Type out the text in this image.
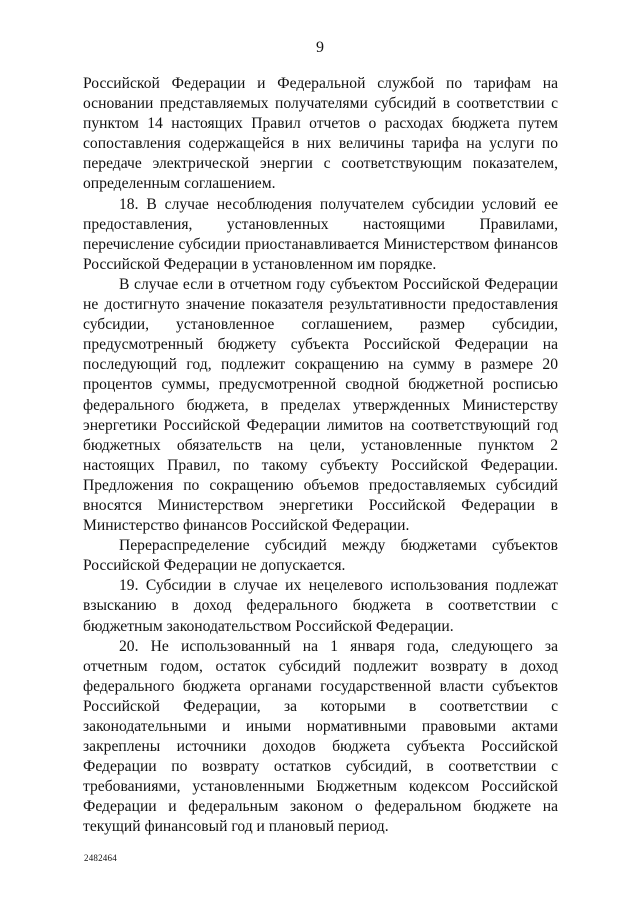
9

Российской Федерации и Федеральной службой по тарифам на основании представляемых получателями субсидий в соответствии с пунктом 14 настоящих Правил отчетов о расходах бюджета путем сопоставления содержащейся в них величины тарифа на услуги по передаче электрической энергии с соответствующим показателем, определенным соглашением.

18. В случае несоблюдения получателем субсидии условий ее предоставления, установленных настоящими Правилами, перечисление субсидии приостанавливается Министерством финансов Российской Федерации в установленном им порядке.

В случае если в отчетном году субъектом Российской Федерации не достигнуто значение показателя результативности предоставления субсидии, установленное соглашением, размер субсидии, предусмотренный бюджету субъекта Российской Федерации на последующий год, подлежит сокращению на сумму в размере 20 процентов суммы, предусмотренной сводной бюджетной росписью федерального бюджета, в пределах утвержденных Министерству энергетики Российской Федерации лимитов на соответствующий год бюджетных обязательств на цели, установленные пунктом 2 настоящих Правил, по такому субъекту Российской Федерации. Предложения по сокращению объемов предоставляемых субсидий вносятся Министерством энергетики Российской Федерации в Министерство финансов Российской Федерации.

Перераспределение субсидий между бюджетами субъектов Российской Федерации не допускается.

19. Субсидии в случае их нецелевого использования подлежат взысканию в доход федерального бюджета в соответствии с бюджетным законодательством Российской Федерации.

20. Не использованный на 1 января года, следующего за отчетным годом, остаток субсидий подлежит возврату в доход федерального бюджета органами государственной власти субъектов Российской Федерации, за которыми в соответствии с законодательными и иными нормативными правовыми актами закреплены источники доходов бюджета субъекта Российской Федерации по возврату остатков субсидий, в соответствии с требованиями, установленными Бюджетным кодексом Российской Федерации и федеральным законом о федеральном бюджете на текущий финансовый год и плановый период.

2482464
